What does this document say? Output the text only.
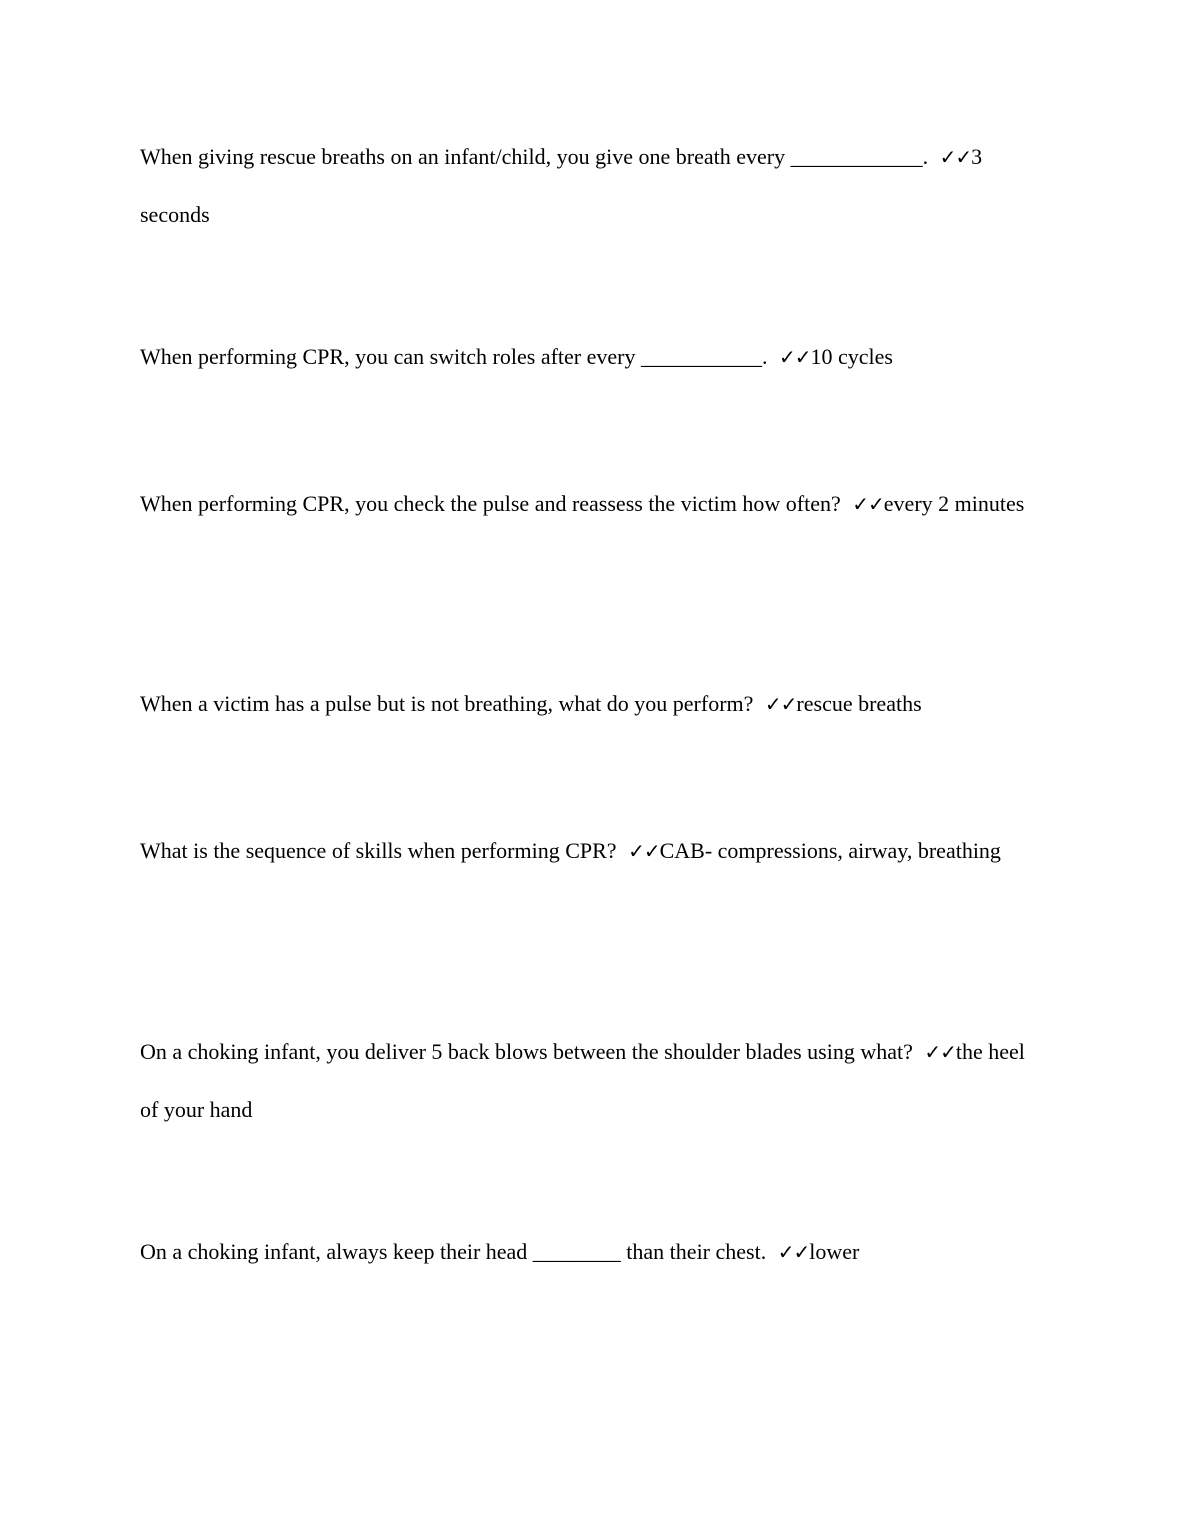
When giving rescue breaths on an infant/child, you give one breath every ____________. ✓✓3 seconds

When performing CPR, you can switch roles after every ___________. ✓✓10 cycles

When performing CPR, you check the pulse and reassess the victim how often? ✓✓every 2 minutes

When a victim has a pulse but is not breathing, what do you perform? ✓✓rescue breaths

What is the sequence of skills when performing CPR? ✓✓CAB- compressions, airway, breathing

On a choking infant, you deliver 5 back blows between the shoulder blades using what? ✓✓the heel of your hand

On a choking infant, always keep their head ________ than their chest. ✓✓lower
